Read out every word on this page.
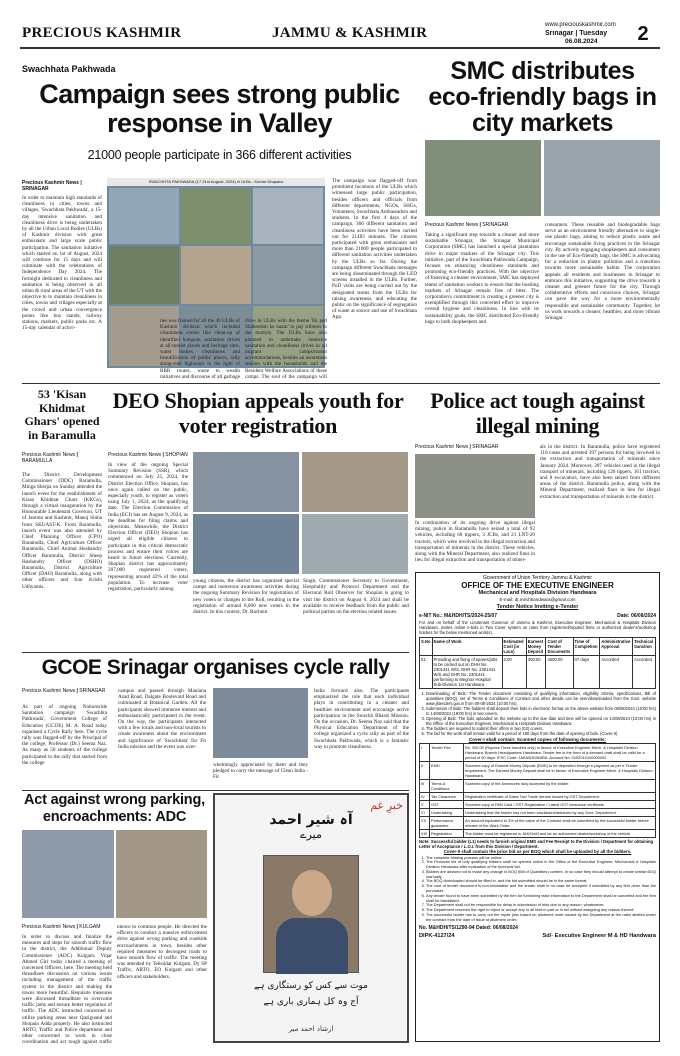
PRECIOUS KASHMIR	JAMMU & KASHMIR	www.preciouskashmir.com
Srinagar | Tuesday
06.08.2024 2
Swachhata Pakhwada
Campaign sees strong public response in Valley
21000 people participate in 366 different activities
Precious Kashmir News | SRINAGAR
In order to maintain high standards of cleanliness in cities, towns and villages, 'Swachhata Pakhwada', a 15-day intensive sanitation and cleanliness drive is being undertaken by all the Urban Local Bodies (ULBs) of Kashmir division with great enthusiasm and large scale public participation. The sanitation initiative which started on 1st of August, 2024 will continue for 15 days and will culminate with the celebrations of Independence Day 2024. The fortnight dedicated to cleanliness and sanitation is being observed in all urban & rural areas of the UT with the objective to to maintain cleanliness in cities, towns and villages especially at the crowd and urban convergence points like bus stands, railway stations, markets, public parks etc. A 15-day calendar of activi-
SWACHHTA PAKHWADA (17-31st August, 2024) in ULBs - Kumar Dhapaus
ties was framed for all the 40 ULBs of Kashmir division which included cleanliness events like clean-up of identified hotspots, sanitation drives at all tourist places and heritage sites, water bodies, cleanliness and beautification of public places, rally along-side highways in the light of BRR routes, waste to wealth initiatives and discourse of all garbage
drive in ULBs with the theme 'Ek ped Shaheedon ke naam' to pay tributes to the martyrs. The ULBs have also planned to undertake intensive sanitation and cleanliness drives in all migrant camps/transit accommodations, besides an awareness session with the households and the Resident Welfare Associations of these camps. The soul of the campaign will
The campaign was flagged-off from prominent locations of the ULBs which witnessed large public participation, besides officers and officials from different departments, NGOs, SHGs, Volunteers, Swachhata Ambassadors and students. In the first 4 days of the campaign, 366 different sanitation and cleanliness activities have been carried out for 21483 minutes. The citizens participated with great enthusiasm and more than 21000 people participated in different sanitation activities undertaken by the ULBs so far. During the campaign different Swachhata messages are being disseminated through the LED screens installed in the ULBs. Further, PoD visits are being carried out by the designated teams from the ULBs for raising awareness, and educating the public on the significance of segregation of waste at source and use of Swachhata App.
SMC distributes eco-friendly bags in city markets
Precious Kashmir News | SRINAGAR
Taking a significant step towards a cleaner and more sustainable Srinagar, the Srinagar Municipal Corporation (SMC) has launched a special plantation drive in major markets of the Srinagar city. This initiative, part of the Swachhata Pakhwada Campaign, focuses on enhancing cleanliness standards and promoting eco-friendly practices. With the objective of fostering a cleaner environment, SMC has deployed teams of sanitation workers to ensure that the bustling markets of Srinagar remain free of litter. The corporation's commitment to creating a greener city is exemplified through this concerted effort to improve overall hygiene and cleanliness. In line with its sustainability goals, the SMC distributed Eco-friendly bags to both shopkeepers and
consumers. These reusable and biodegradable bags serve as an environment friendly alternative to single-use plastic bags, aiming to reduce plastic waste and encourage sustainable living practices in the Srinagar city. By actively engaging shopkeepers and consumers in the use of Eco-friendly bags, the SMC is advocating for a reduction in plastic pollution and a transition towards more sustainable habits. The corporation appeals all residents and businesses in Srinagar to embrace this initiative, supporting the drive towards a cleaner and greener future for the city. Through collaborative efforts and conscious choices, Srinagar can pave the way for a more environmentally responsible and sustainable community. Together, let us work towards a cleaner, healthier, and more vibrant Srinagar.
53 'Kisan Khidmat Ghars' opened in Baramulla
Precious Kashmir News | BARAMULLA
The District Development Commissioner (DDC) Baramulla, Minga Sherpa on Sunday attended the launch event for the establishment of Kisan Khidmat Ghars (KKGs), through a virtual inauguration by the Honourable Lieutenant Governor, UT of Jammu and Kashmir, Manoj Sinha from SKUAST-K. From Baramulla, launch event was also attended by Chief Planning Officer (CPO) Baramulla, Chief Agriculture Officer Baramulla, Chief Animal Husbandry Officer Baramulla, District Sheep Husbandry Officer (DSHO) Baramulla, District Agriculture Officer (DAO) Baramulla, along with other officers and four Krishi Udhyamis.
DEO Shopian appeals youth for voter registration
Precious Kashmir News | SHOPIAN
In view of the ongoing Special Summary Revision (SSR), which commenced on July 25, 2024, the District Election Office, Shopian, has once again called on the public, especially youth, to register as voters using July 1, 2024, as the qualifying date. The Election Commission of India (ECI) has set August 9, 2024, as the deadline for filing claims and objections. Meanwhile, the District Election Officer (DEO) Shopian has urged all eligible citizens to participate in this critical democratic process and ensure their voices are heard in future elections. Currently, Shopian district has approximately 207,000 registered voters, representing around 42% of the total population. To increase voter registration, particularly among
young citizens, the district has organized special camps and numerous awareness activities during the ongoing Summary Revision for registration of new voters or changes to the Roll, resulting in the registration of around 8,000 new voters in the district. In this context, Dr. Rachnut
Singh, Commissioner Secretary to Government, Hospitality and Protocol Department and the Electoral Roll Observer for Shopian is going to visit the district on August 6, 2024 and shall be available to receive feedback from the public and political parties on the election related issues.
Police act tough against illegal mining
Precious Kashmir News | SRINAGAR
In continuation of its ongoing drive against illegal mining, police in Baramulla have seized a total of 92 vehicles, including 68 tippers, 3 JCBs, and 21 LNT-20 tractors, which were involved in the illegal extraction and transportation of minerals in the district. These vehicles, along with the Mineral Department, also realized fines in lieu for illegal extraction and transportation of miner-
als in the district. In Baramulla, police have registered 110 cases and arrested 397 persons for being involved in the extraction and transportation of minerals since January 2024. Moreover, 287 vehicles used in the illegal transport of minerals, including 126 tippers, 161 tractors, and 8 excavators, have also been seized from different areas of the district. Baramulla police, along with the Mineral Department, realized fines in lieu for illegal extraction and transportation of minerals in the district.
Government of Union Territory Jammu & Kashmir
OFFICE OF THE EXECUTIVE ENGINEER
Mechanical and Hospitals Division Handwara
E-mail: dr.mechhandwara@gmail.com
Tender Notice Inviting e-Tender
e-NIT No.: M&HDH/TS/2024-25/07	Date: 06/08/2024
For and on behalf of the Lieutenant Governor of Jammu & Kashmir, Executive Engineer, Mechanical & Hospitals Division Handwara, invites online e-bids in Two Cover system on rates from registered/reputed firms or authorized dealer's/workshop holders for the below mentioned work(s).
S.No	Name of Work	Estimated Cost (in Lacs)	Earnest Money Deposit	Cost of Tender Documents	Time of Completion	Administrative Approval	Technical Sanction
01	Providing and fixing of spares/jobs to be carried out on DHH No. 2301441 W/S, DHR No. 2301441 W/S and DHR No. 2301441 performing to Megnox Hospital Sub-Division 1st Handwara	2.00	300.00	4000.00	07 days	Accorded	Accorded
1. Downloading of Bids: The Tender document consisting of qualifying information, eligibility criteria, specifications, Bill of quantities (BOQ), set of Terms & Conditions of Contract and other details can be seen/downloaded from the Govt. website www.jktenders.gov.in from 06-08-2024 (10:00 hrs).
2. Submission of Bids: The bidders shall deposit their bids in electronic format on the above website from 06/08/2024 (10:00 hrs) to 14/08/2024 (18:00 hrs) in two covers.
3. Opening of Bids: The bids uploaded on the website up to the due date and time will be opened on 14/08/2024 (10:00 hrs) in the Office of the Executive Engineer, Mechanical & Hospitals Division Handwara.
4. The bidders are required to submit their offers in two (02) covers.
5. The bid for the work shall remain valid for a period of 180 days from the date of opening of bids. (Cover-II)
Cover-I shall contain: Scanned copies of following documents:
I	Tender Fee	Rs. 300.00 (Rupees Three hundred only) in favour of Executive Engineer Mech. & Hospitals Division Handwara. Branch Headquarters Handwara. Tender fee in the form of a demand draft shall be valid for a period of 90 days. IFSC Code: JAKA0HDWARA, Account No: 0152010100000002
II	EMD	Scanned copy of Earnest Money Deposit (EMD) to be deposited through e-payment as per e-Tender requirement. The Earnest Money Deposit shall be in favour of Executive Engineer Mech. & Hospitals Division Handwara.
III	Terms & Conditions	Scanned copy of the Annexures duly accepted by the bidder.
IV	Tax Clearance	Registration certificate of Sales Tax/ Trade license issued by GST Department.
V	GST	Scanned copy of PAN Card / GST Registration / Latest GST clearance certificate.
VI	Undertaking	Undertaking that the bidder has not been blacklisted/debarred by any Govt. Department.
VII	Performance guarantee	An amount equivalent to 3% of the value of the Contract shall be submitted by the successful bidder before release of the Work Order.
VIII	Registration	The bidder must be registered in J&K/GeM and be an authorized dealer/workshop of the vehicle.
Note: Successful bidder (L1) needs to furnish original EMD and Fee Receipt to the Division / Department for obtaining Letter of Acceptance / L.O.I. from this Division / Department.
Cover-II shall contain the price bid as per BOQ which shall be uploaded by all the bidders.
1. The complete bidding process will be online.
2. The Financial bid of only qualifying bidders shall be opened online in the Office of the Executive Engineer, Mechanical & Hospitals Division Handwara after evaluation of the technical bid.
3. Bidders are advised not to make any change in BOQ (Bill of Quantities) content. In no case they should attempt to create similar BOQ manually.
4. The BOQ downloaded should be filled in, and the bid submitted should be in the same format.
5. The cost of tender document is non-refundable and the tender shall in no case be accepted if submitted by any firm other than the purchaser.
6. Any tender found to have been submitted by the firm for furnishing false information to the Department shall be cancelled and the firm shall be blacklisted.
7. The Department shall not be responsible for delay in submission of bids due to any reason, whatsoever.
8. The Department reserves the right to reject or accept any or all bids in part or in full without assigning any reason thereof.
9. The successful bidder has to carry out the repair jobs based on allotment order issued by the Department at the rates allotted under the contract from the date of issue of allotment order.
No. M&HDH/TS/1290-94 Dated: 06/08/2024
DIPK-4127/24	Sd/- Executive Engineer M & HD Handwara
GCOE Srinagar organises cycle rally
Precious Kashmir News | SRINAGAR
As part of ongoing Nationwide Sanitation campaign 'Swachhta Pakhwada', Government College of Education (GCOE) M. A. Road today organised a Cycle Rally here. The cycle rally was flagged-off by the Principal of the college, Professor (Dr.) Seema Naz. As many as 50 students of the college participated in the rally that started from the college
campus and passed through Maulana Azad Road, Dalgate Boulevard Road and culminated at Botanical Garden. All the participants showed immense interest and enthusiastically participated in the event. On the way, the participants interacted with a few locals and non-local tourists to create awareness about the environment and significance of 'Swachhata' for Fit India mission and the event was over-
whelmingly appreciated by them and they pledged to carry the message of Clean India - Fit
India forward also. The participants emphasized the role that each individual plays in contributing to a cleaner and healthier environment and encourage active participation in the Swachh Bharat Mission. On the occasion, Dr. Seema Naz said that the Physical Education Department of the college organized a cycle rally as part of the Swachhata Pakhwada, which is a fantastic way to promote cleanliness.
Act against wrong parking, encroachments: ADC
Precious Kashmir News | KULGAM
In order to discuss and finalize the measures and steps for smooth traffic flow in the district, the Additional Deputy Commissioner (ADC) Kulgam, Viqar Ahmed Giri today chaired a meeting of concerned Officers, here. The meeting held threadbare discussion on various issues including management of the traffic system in the district and making the towns more beautiful. Requisite measures were discussed threadbare to overcome traffic jams and ensure better regulation of traffic. The ADC instructed concerned to utilize parking areas near Qaziguand and Shopain Adda properly. He also instructed ARTO, Traffic and Police department and other concerned to work in close coordination and act tough against traffic
nience to common people. He directed the officers to conduct a massive enforcement drive against wrong parking and roadside encroachments in town, besides other required measures to decongest roads to have smooth flow of traffic. The meeting was attended by Tehsildar Kulgam, Dy SP Traffic, ARTO, EO Kulgam and other officers and stakeholders.
خبرِ غم
آہ شیر احمد
میرے
موت سے کس کو رستگاری ہے
آج وہ کل ہماری باری ہے
ارشاد احمد میر
